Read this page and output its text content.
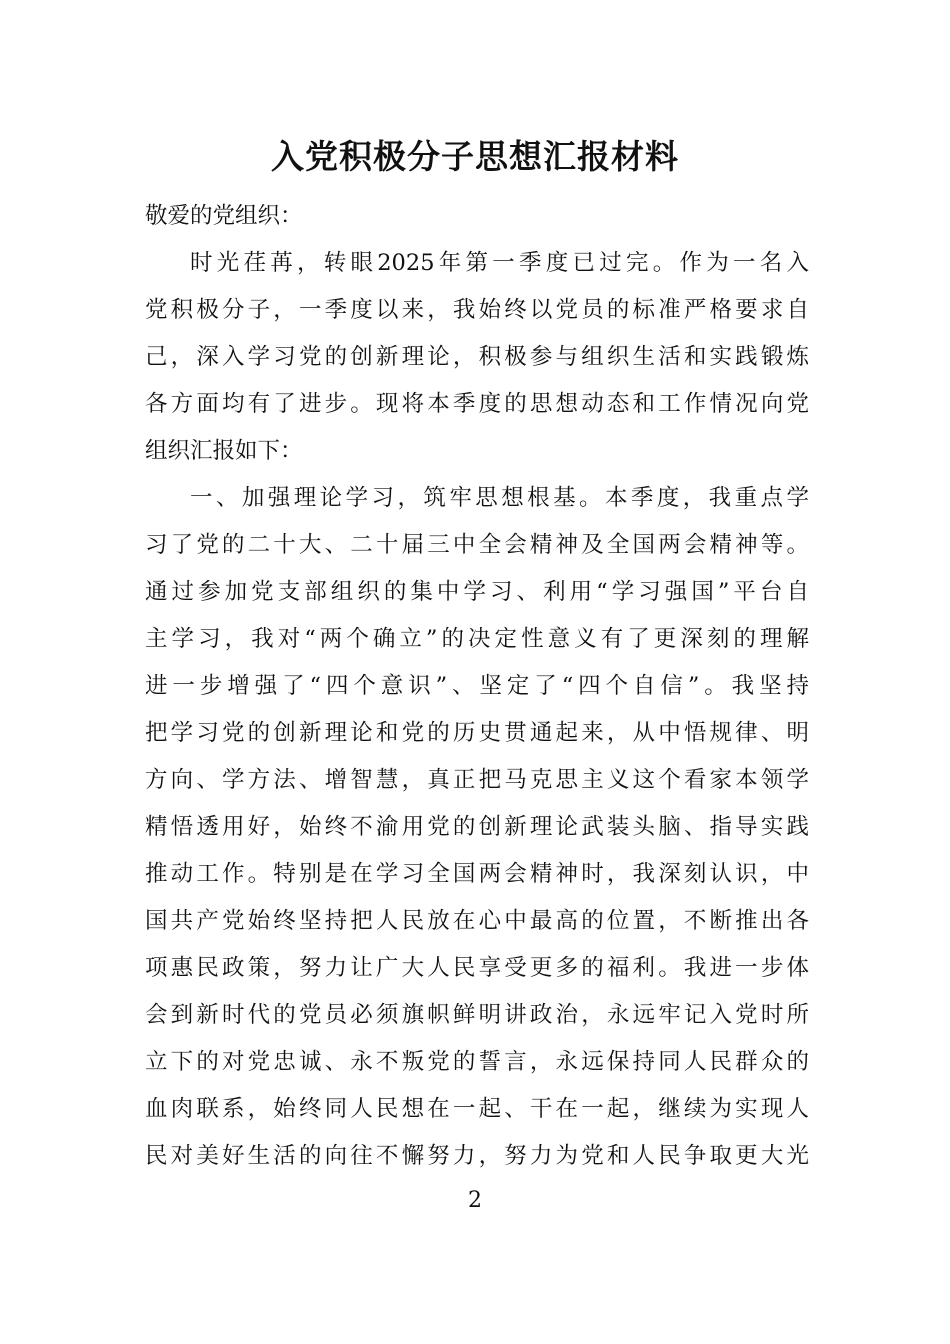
入党积极分子思想汇报材料
敬爱的党组织：
时光荏苒，转眼2025年第一季度已过完。作为一名入
党积极分子，一季度以来，我始终以党员的标准严格要求自
己，深入学习党的创新理论，积极参与组织生活和实践锻炼
各方面均有了进步。现将本季度的思想动态和工作情况向党
组织汇报如下：
一、加强理论学习，筑牢思想根基。本季度，我重点学
习了党的二十大、二十届三中全会精神及全国两会精神等。
通过参加党支部组织的集中学习、利用“学习强国”平台自
主学习，我对“两个确立”的决定性意义有了更深刻的理解
进一步增强了“四个意识”、坚定了“四个自信”。我坚持
把学习党的创新理论和党的历史贯通起来，从中悟规律、明
方向、学方法、增智慧，真正把马克思主义这个看家本领学
精悟透用好，始终不渝用党的创新理论武装头脑、指导实践
推动工作。特别是在学习全国两会精神时，我深刻认识，中
国共产党始终坚持把人民放在心中最高的位置，不断推出各
项惠民政策，努力让广大人民享受更多的福利。我进一步体
会到新时代的党员必须旗帜鲜明讲政治，永远牢记入党时所
立下的对党忠诚、永不叛党的誓言，永远保持同人民群众的
血肉联系，始终同人民想在一起、干在一起，继续为实现人
民对美好生活的向往不懈努力，努力为党和人民争取更大光
2
